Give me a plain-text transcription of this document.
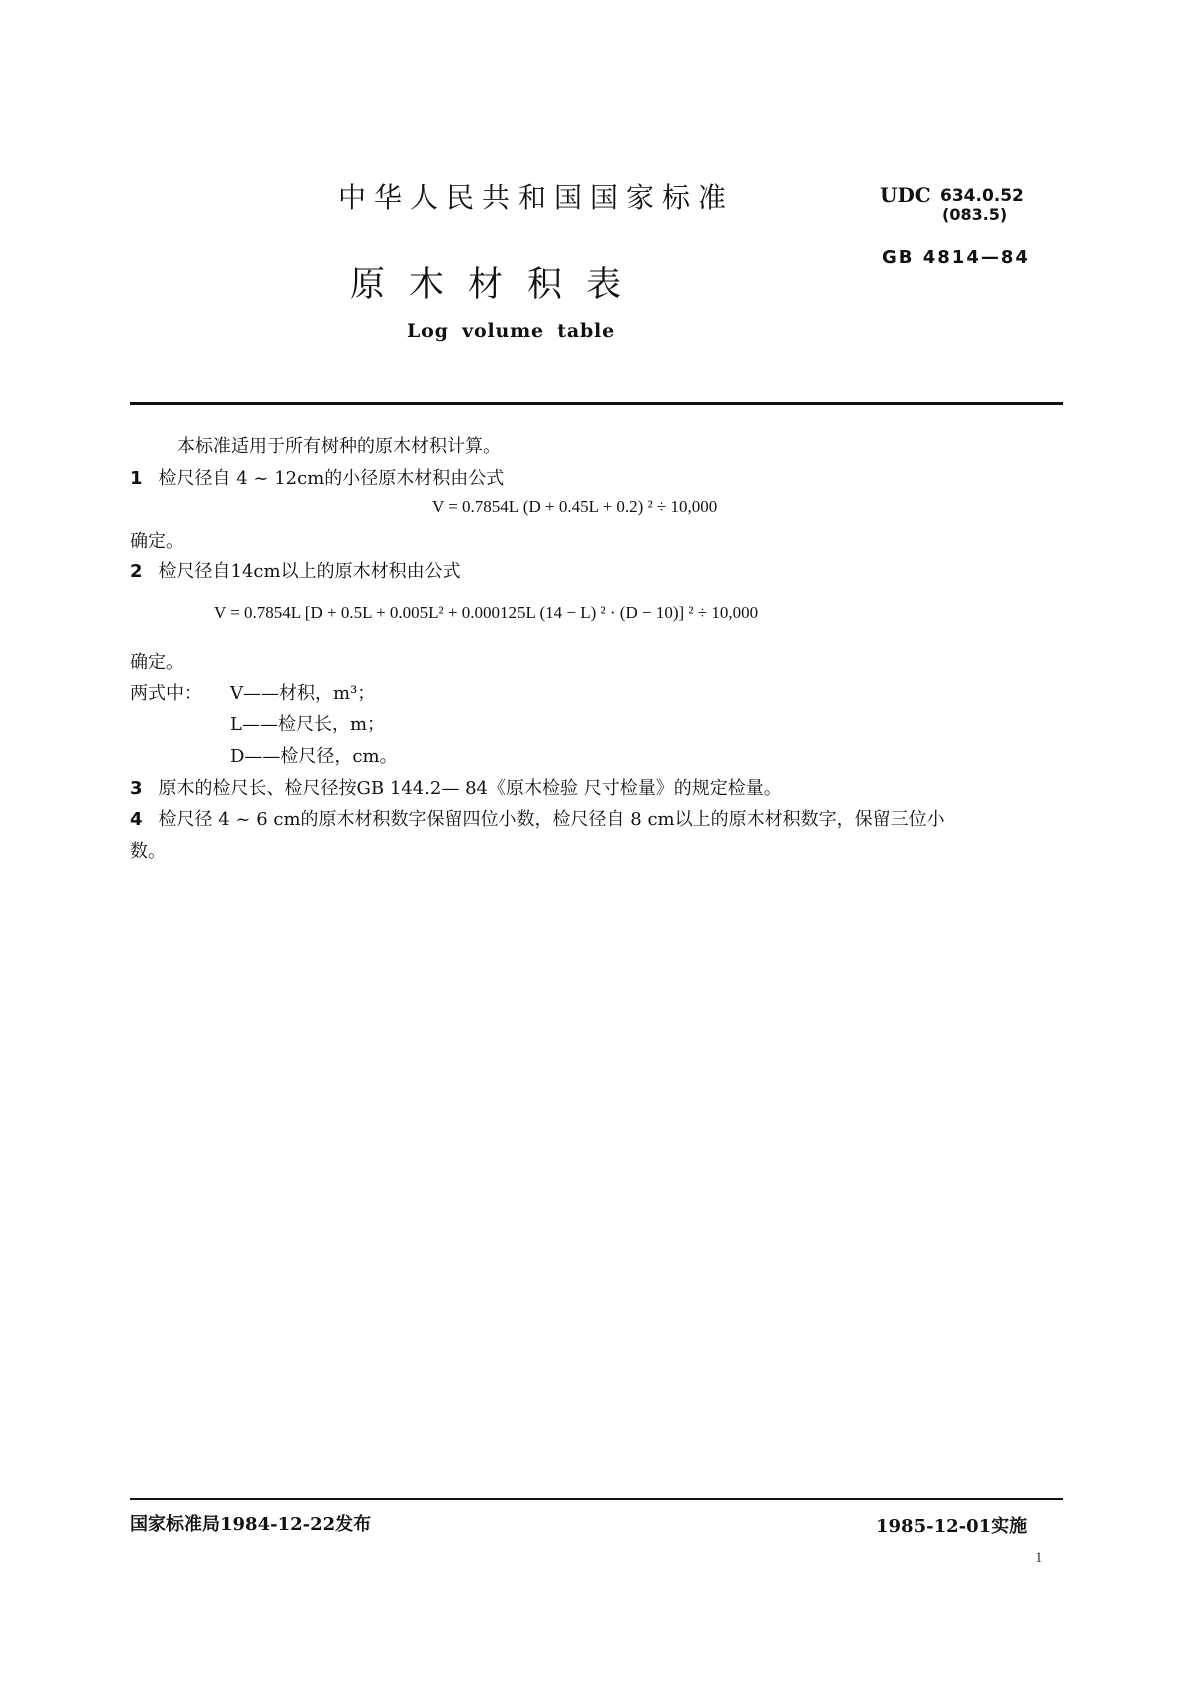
中华人民共和国国家标准
原木材积表
Log volume table
UDC 634.0.52
(083.5)
GB 4814—84
本标准适用于所有树种的原木材积计算。
1 检尺径自 4 ~ 12cm的小径原木材积由公式
V = 0.7854L (D + 0.45L + 0.2) ² ÷ 10,000
确定。
2 检尺径自14cm以上的原木材积由公式
V = 0.7854L [D + 0.5L + 0.005L² + 0.000125L (14 − L) ² · (D − 10)] ² ÷ 10,000
确定。
两式中： V——材积，m³；
L——检尺长，m；
D——检尺径，cm。
3 原木的检尺长、检尺径按GB 144.2— 84《原木检验 尺寸检量》的规定检量。
4 检尺径 4 ~ 6 cm的原木材积数字保留四位小数，检尺径自 8 cm以上的原木材积数字，保留三位小
数。
国家标准局1984-12-22发布	1985-12-01实施
1
